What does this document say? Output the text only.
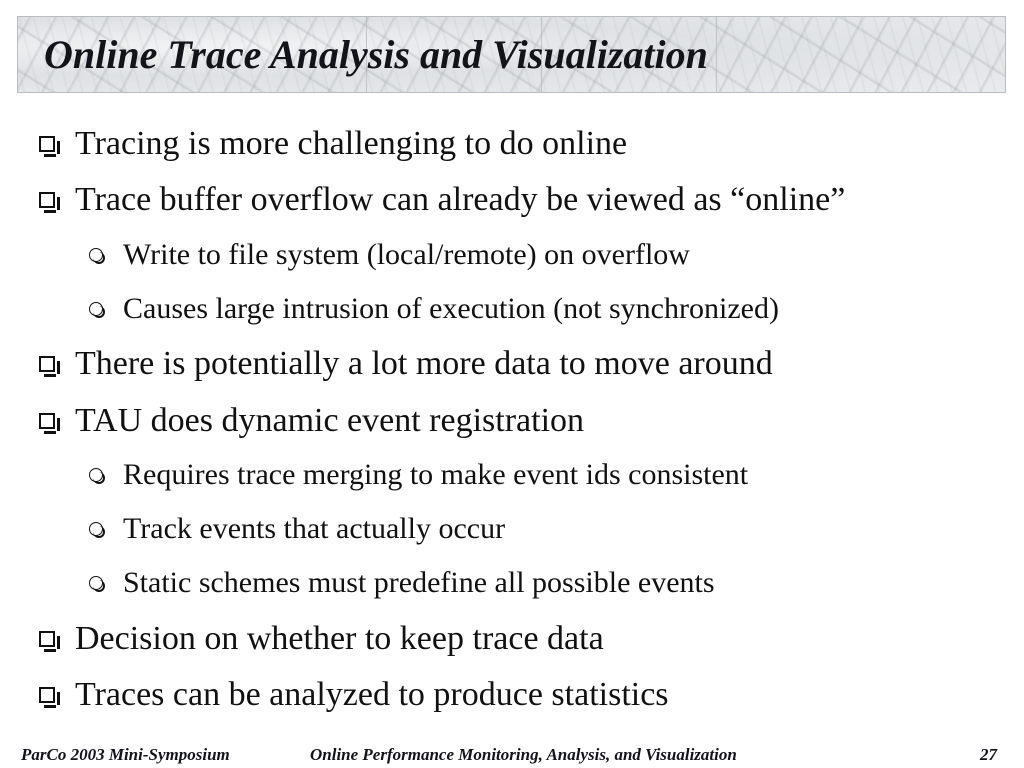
Online Trace Analysis and Visualization
Tracing is more challenging to do online
Trace buffer overflow can already be viewed as “online”
Write to file system (local/remote) on overflow
Causes large intrusion of execution (not synchronized)
There is potentially a lot more data to move around
TAU does dynamic event registration
Requires trace merging to make event ids consistent
Track events that actually occur
Static schemes must predefine all possible events
Decision on whether to keep trace data
Traces can be analyzed to produce statistics
ParCo 2003 Mini-Symposium	Online Performance Monitoring, Analysis, and Visualization	27
